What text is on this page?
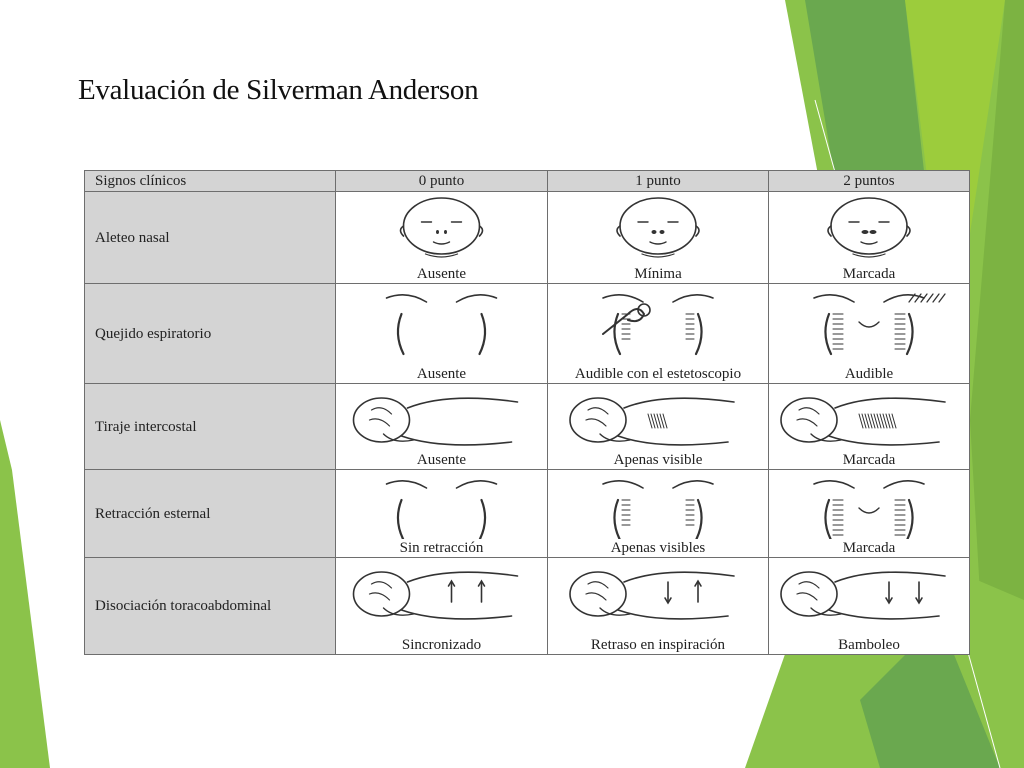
Evaluación de Silverman Anderson
Signos clínicos	0 punto	1 punto	2 puntos
Aleteo nasal	Ausente	Mínima	Marcada

Quejido espiratorio	Ausente	Audible con el estetoscopio	Audible

Tiraje intercostal	Ausente	Apenas visible	Marcada

Retracción esternal	Sin retracción	Apenas visibles	Marcada

Disociación toracoabdominal	Sincronizado	Retraso en inspiración	Bamboleo
